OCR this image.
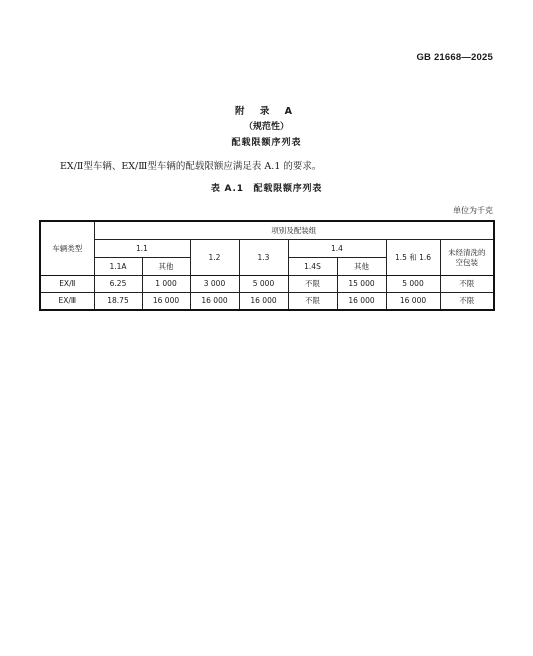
GB 21668—2025
附 录 A
（规范性）
配载限额序列表
EX/Ⅱ型车辆、EX/Ⅲ型车辆的配载限额应满足表 A.1 的要求。
表 A.1　配载限额序列表
单位为千克
车辆类型	项别及配装组							
	1.1		1.2	1.3	1.4		1.5 和 1.6	未经清洗的空包装
	1.1A	其他			1.4S	其他		
EX/Ⅱ	6.25	1 000	3 000	5 000	不限	15 000	5 000	不限
EX/Ⅲ	18.75	16 000	16 000	16 000	不限	16 000	16 000	不限
